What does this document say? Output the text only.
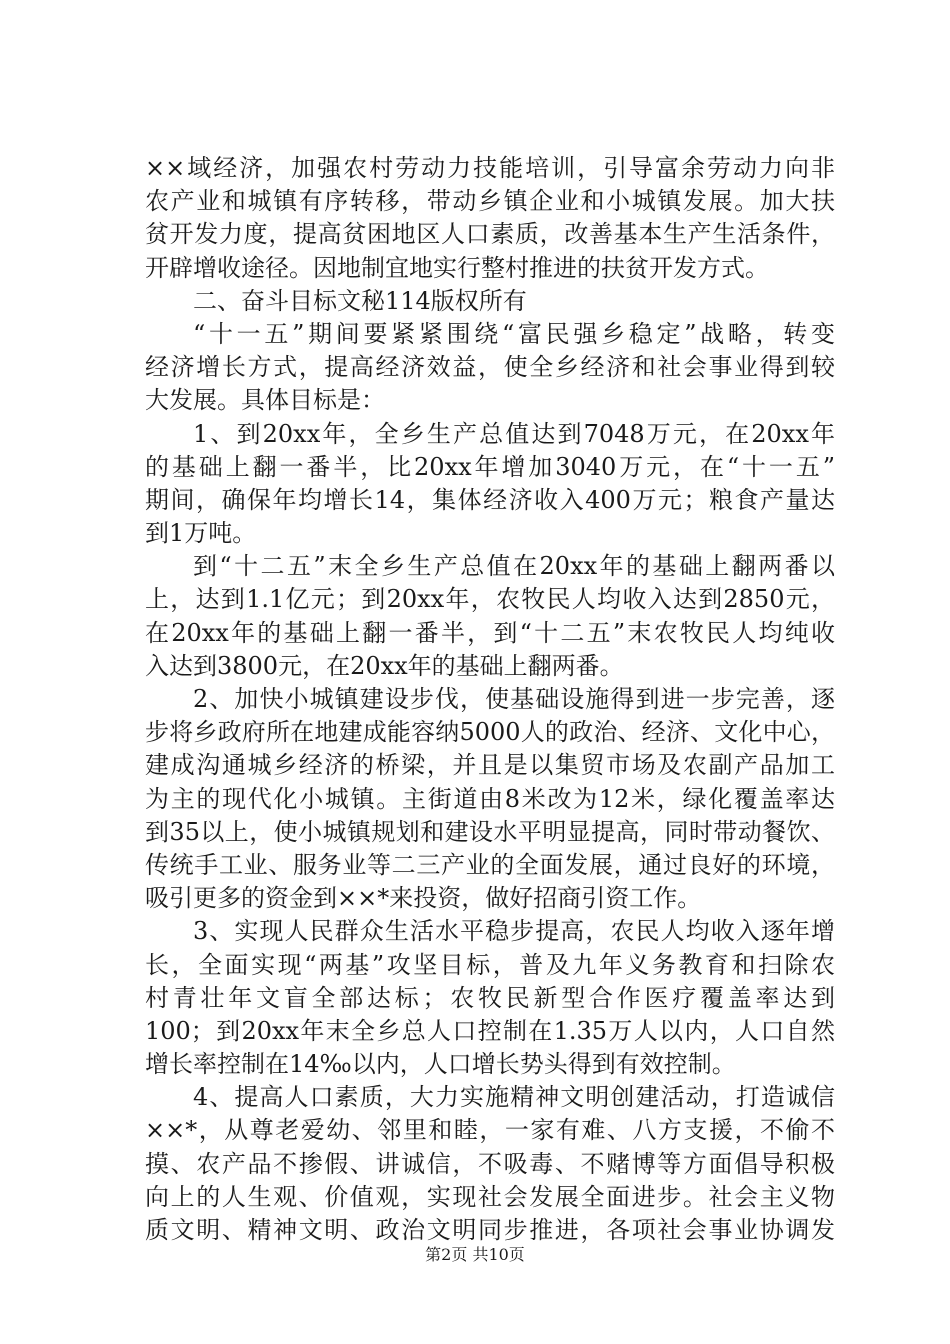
××域经济，加强农村劳动力技能培训，引导富余劳动力向非
农产业和城镇有序转移，带动乡镇企业和小城镇发展。加大扶
贫开发力度，提高贫困地区人口素质，改善基本生产生活条件，
开辟增收途径。因地制宜地实行整村推进的扶贫开发方式。
二、奋斗目标文秘114版权所有
“十一五”期间要紧紧围绕“富民强乡稳定”战略，转变
经济增长方式，提高经济效益，使全乡经济和社会事业得到较
大发展。具体目标是：
1、到20xx年，全乡生产总值达到7048万元，在20xx年
的基础上翻一番半，比20xx年增加3040万元，在“十一五”
期间，确保年均增长14，集体经济收入400万元；粮食产量达
到1万吨。
到“十二五”末全乡生产总值在20xx年的基础上翻两番以
上，达到1.1亿元；到20xx年，农牧民人均收入达到2850元，
在20xx年的基础上翻一番半，到“十二五”末农牧民人均纯收
入达到3800元，在20xx年的基础上翻两番。
2、加快小城镇建设步伐，使基础设施得到进一步完善，逐
步将乡政府所在地建成能容纳5000人的政治、经济、文化中心，
建成沟通城乡经济的桥梁，并且是以集贸市场及农副产品加工
为主的现代化小城镇。主街道由8米改为12米，绿化覆盖率达
到35以上，使小城镇规划和建设水平明显提高，同时带动餐饮、
传统手工业、服务业等二三产业的全面发展，通过良好的环境，
吸引更多的资金到××*来投资，做好招商引资工作。
3、实现人民群众生活水平稳步提高，农民人均收入逐年增
长，全面实现“两基”攻坚目标，普及九年义务教育和扫除农
村青壮年文盲全部达标；农牧民新型合作医疗覆盖率达到
100；到20xx年末全乡总人口控制在1.35万人以内，人口自然
增长率控制在14‰以内，人口增长势头得到有效控制。
4、提高人口素质，大力实施精神文明创建活动，打造诚信
××*，从尊老爱幼、邻里和睦，一家有难、八方支援，不偷不
摸、农产品不掺假、讲诚信，不吸毒、不赌博等方面倡导积极
向上的人生观、价值观，实现社会发展全面进步。社会主义物
质文明、精神文明、政治文明同步推进，各项社会事业协调发
第2页 共10页
